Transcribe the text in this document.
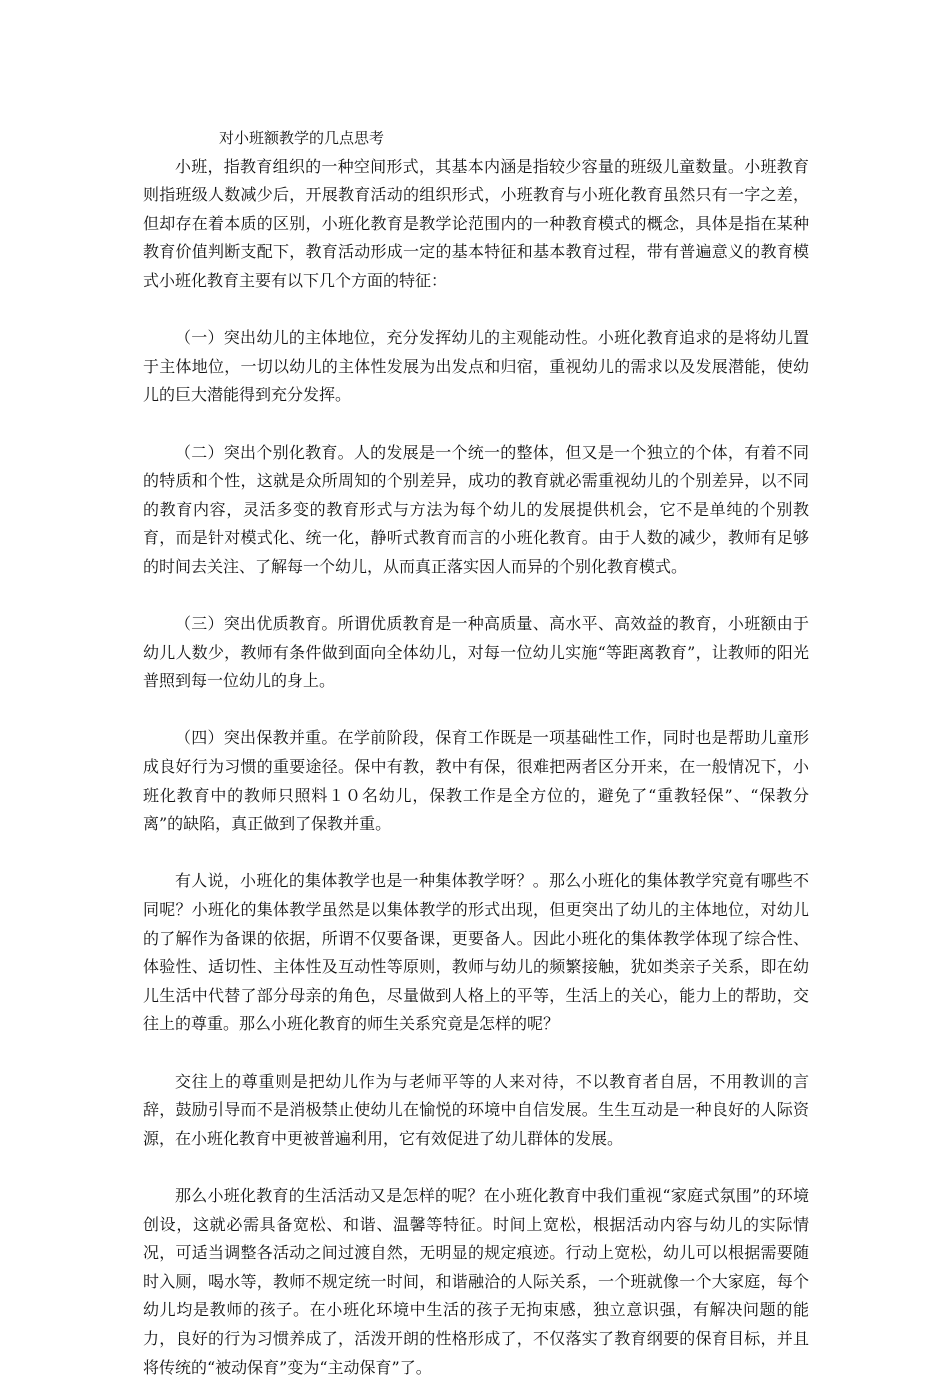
对小班额教学的几点思考

小班，指教育组织的一种空间形式，其基本内涵是指较少容量的班级儿童数量。小班教育则指班级人数减少后，开展教育活动的组织形式，小班教育与小班化教育虽然只有一字之差，但却存在着本质的区别，小班化教育是教学论范围内的一种教育模式的概念，具体是指在某种教育价值判断支配下，教育活动形成一定的基本特征和基本教育过程，带有普遍意义的教育模式小班化教育主要有以下几个方面的特征：

（一）突出幼儿的主体地位，充分发挥幼儿的主观能动性。小班化教育追求的是将幼儿置于主体地位，一切以幼儿的主体性发展为出发点和归宿，重视幼儿的需求以及发展潜能，使幼儿的巨大潜能得到充分发挥。

（二）突出个别化教育。人的发展是一个统一的整体，但又是一个独立的个体，有着不同的特质和个性，这就是众所周知的个别差异，成功的教育就必需重视幼儿的个别差异，以不同的教育内容，灵活多变的教育形式与方法为每个幼儿的发展提供机会，它不是单纯的个别教育，而是针对模式化、统一化，静听式教育而言的小班化教育。由于人数的减少，教师有足够的时间去关注、了解每一个幼儿，从而真正落实因人而异的个别化教育模式。

（三）突出优质教育。所谓优质教育是一种高质量、高水平、高效益的教育，小班额由于幼儿人数少，教师有条件做到面向全体幼儿，对每一位幼儿实施“等距离教育”，让教师的阳光普照到每一位幼儿的身上。

（四）突出保教并重。在学前阶段，保育工作既是一项基础性工作，同时也是帮助儿童形成良好行为习惯的重要途径。保中有教，教中有保，很难把两者区分开来，在一般情况下，小班化教育中的教师只照料１０名幼儿，保教工作是全方位的，避免了“重教轻保”、“保教分离”的缺陷，真正做到了保教并重。

有人说，小班化的集体教学也是一种集体教学呀？。那么小班化的集体教学究竟有哪些不同呢？小班化的集体教学虽然是以集体教学的形式出现，但更突出了幼儿的主体地位，对幼儿的了解作为备课的依据，所谓不仅要备课，更要备人。因此小班化的集体教学体现了综合性、体验性、适切性、主体性及互动性等原则，教师与幼儿的频繁接触，犹如类亲子关系，即在幼儿生活中代替了部分母亲的角色，尽量做到人格上的平等，生活上的关心，能力上的帮助，交往上的尊重。那么小班化教育的师生关系究竟是怎样的呢？

交往上的尊重则是把幼儿作为与老师平等的人来对待，不以教育者自居，不用教训的言辞，鼓励引导而不是消极禁止使幼儿在愉悦的环境中自信发展。生生互动是一种良好的人际资源，在小班化教育中更被普遍利用，它有效促进了幼儿群体的发展。

那么小班化教育的生活活动又是怎样的呢？在小班化教育中我们重视“家庭式氛围”的环境创设，这就必需具备宽松、和谐、温馨等特征。时间上宽松，根据活动内容与幼儿的实际情况，可适当调整各活动之间过渡自然，无明显的规定痕迹。行动上宽松，幼儿可以根据需要随时入厕，喝水等，教师不规定统一时间，和谐融洽的人际关系，一个班就像一个大家庭，每个幼儿均是教师的孩子。在小班化环境中生活的孩子无拘束感，独立意识强，有解决问题的能力，良好的行为习惯养成了，活泼开朗的性格形成了，不仅落实了教育纲要的保育目标，并且将传统的“被动保育”变为“主动保育”了。
